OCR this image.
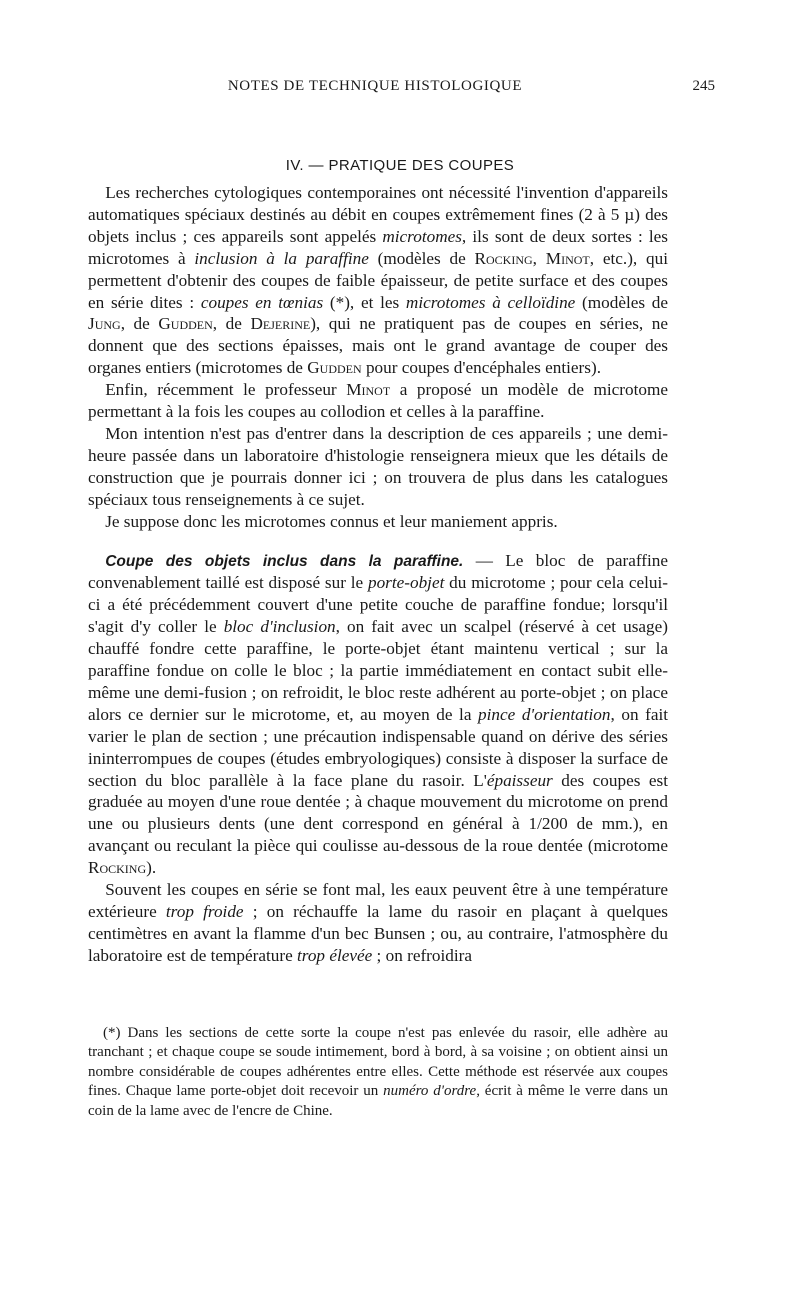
NOTES DE TECHNIQUE HISTOLOGIQUE	245
IV. — PRATIQUE DES COUPES

 Les recherches cytologiques contemporaines ont nécessité l'invention d'appareils automatiques spéciaux destinés au débit en coupes extrêmement fines (2 à 5 µ) des objets inclus ; ces appareils sont appelés microtomes, ils sont de deux sortes : les microtomes à inclusion à la paraffine (modèles de Rocking, Minot, etc.), qui permettent d'obtenir des coupes de faible épaisseur, de petite surface et des coupes en série dites : coupes en tœnias (*), et les microtomes à celloïdine (modèles de Jung, de Gudden, de Dejerine), qui ne pratiquent pas de coupes en séries, ne donnent que des sections épaisses, mais ont le grand avantage de couper des organes entiers (microtomes de Gudden pour coupes d'encéphales entiers).

 Enfin, récemment le professeur Minot a proposé un modèle de microtome permettant à la fois les coupes au collodion et celles à la paraffine.

 Mon intention n'est pas d'entrer dans la description de ces appareils ; une demi-heure passée dans un laboratoire d'histologie renseignera mieux que les détails de construction que je pourrais donner ici ; on trouvera de plus dans les catalogues spéciaux tous renseignements à ce sujet.

 Je suppose donc les microtomes connus et leur maniement appris.

 Coupe des objets inclus dans la paraffine. — Le bloc de paraffine convenablement taillé est disposé sur le porte-objet du microtome ; pour cela celui-ci a été précédemment couvert d'une petite couche de paraffine fondue; lorsqu'il s'agit d'y coller le bloc d'inclusion, on fait avec un scalpel (réservé à cet usage) chauffé fondre cette paraffine, le porte-objet étant maintenu vertical ; sur la paraffine fondue on colle le bloc ; la partie immédiatement en contact subit elle-même une demi-fusion ; on refroidit, le bloc reste adhérent au porte-objet ; on place alors ce dernier sur le microtome, et, au moyen de la pince d'orientation, on fait varier le plan de section ; une précaution indispensable quand on dérive des séries ininterrompues de coupes (études embryologiques) consiste à disposer la surface de section du bloc parallèle à la face plane du rasoir. L'épaisseur des coupes est graduée au moyen d'une roue dentée ; à chaque mouvement du microtome on prend une ou plusieurs dents (une dent correspond en général à 1/200 de mm.), en avançant ou reculant la pièce qui coulisse au-dessous de la roue dentée (microtome Rocking).

 Souvent les coupes en série se font mal, les eaux peuvent être à une température extérieure trop froide ; on réchauffe la lame du rasoir en plaçant à quelques centimètres en avant la flamme d'un bec Bunsen ; ou, au contraire, l'atmosphère du laboratoire est de température trop élevée ; on refroidira

 (*) Dans les sections de cette sorte la coupe n'est pas enlevée du rasoir, elle adhère au tranchant ; et chaque coupe se soude intimement, bord à bord, à sa voisine ; on obtient ainsi un nombre considérable de coupes adhérentes entre elles. Cette méthode est réservée aux coupes fines. Chaque lame porte-objet doit recevoir un numéro d'ordre, écrit à même le verre dans un coin de la lame avec de l'encre de Chine.
